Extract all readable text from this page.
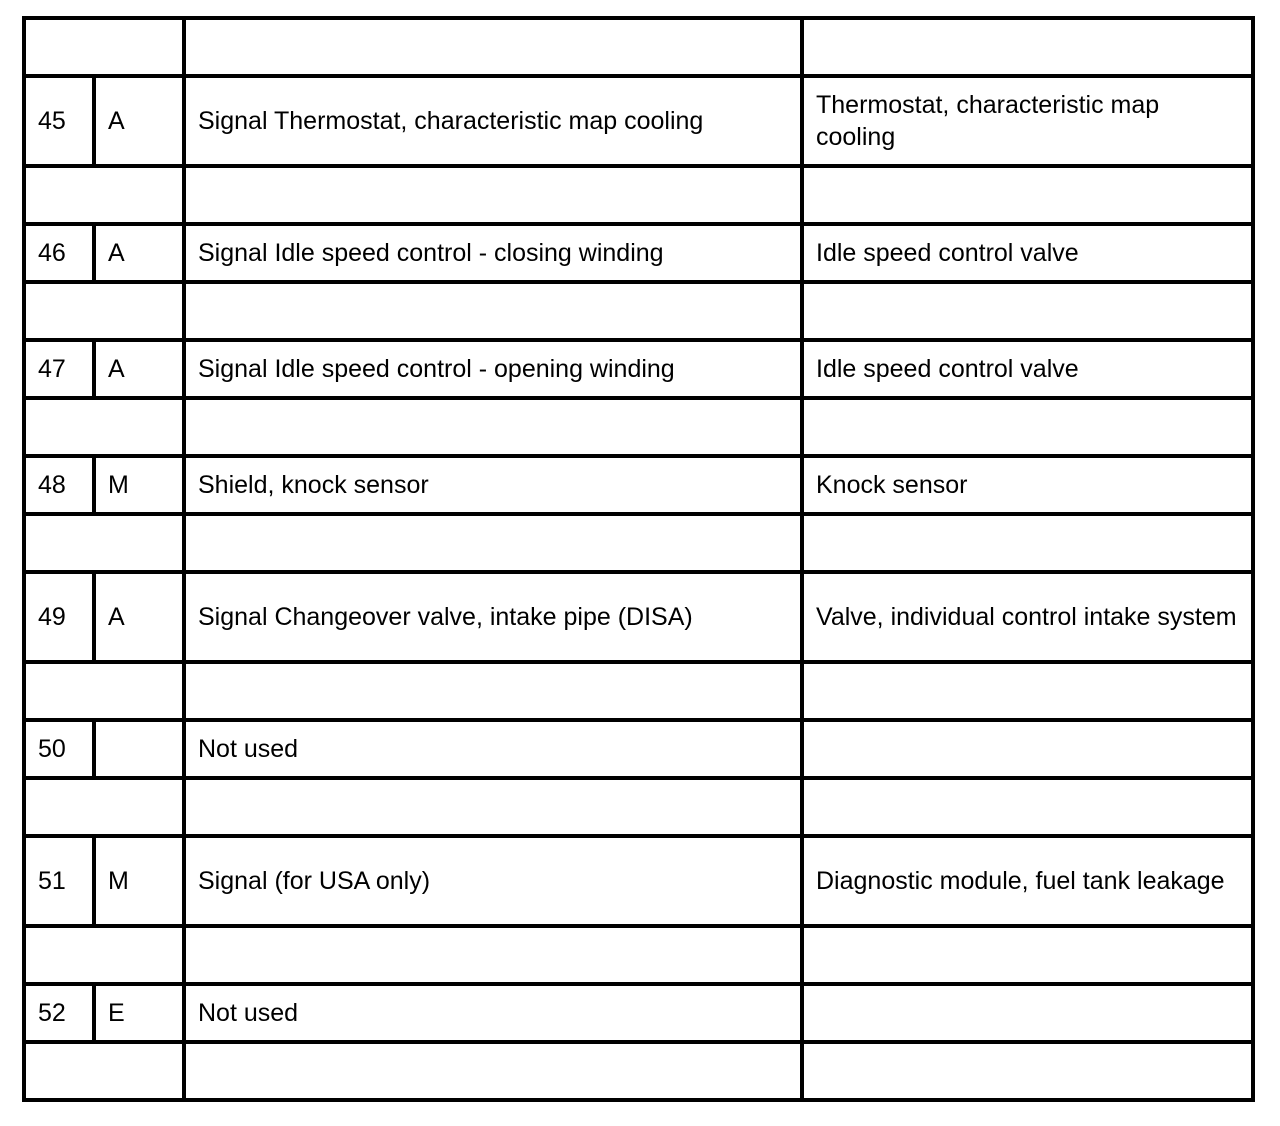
45	A	Signal Thermostat, characteristic map cooling	Thermostat, characteristic map cooling

46	A	Signal Idle speed control - closing winding	Idle speed control valve

47	A	Signal Idle speed control - opening winding	Idle speed control valve

48	M	Shield, knock sensor	Knock sensor

49	A	Signal Changeover valve, intake pipe (DISA)	Valve, individual control intake system

50		Not used	

51	M	Signal (for USA only)	Diagnostic module, fuel tank leakage

52	E	Not used	
